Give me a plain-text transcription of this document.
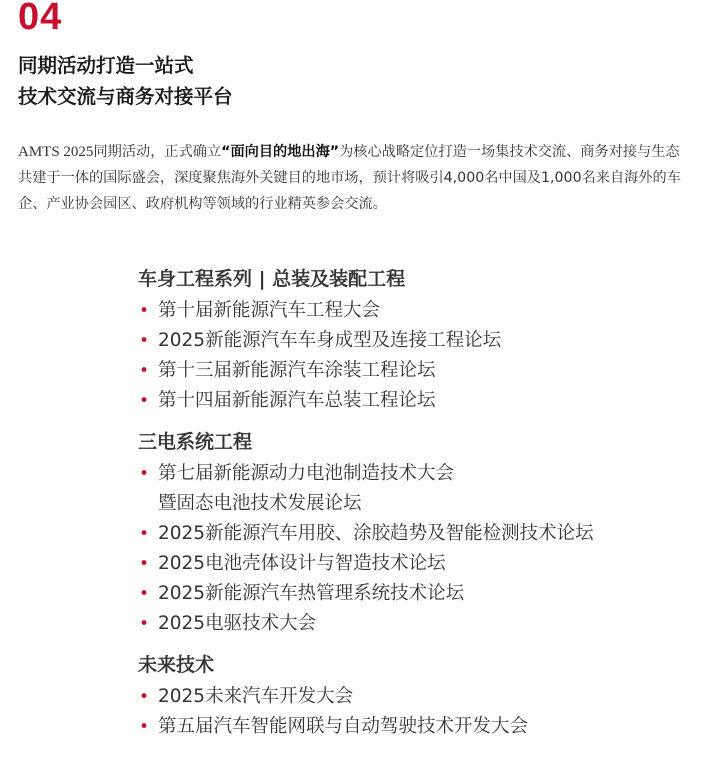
04
同期活动打造一站式
技术交流与商务对接平台
AMTS 2025同期活动，正式确立“面向目的地出海”为核心战略定位打造一场集技术交流、商务对接与生态共建于一体的国际盛会，深度聚焦海外关键目的地市场，预计将吸引4,000名中国及1,000名来自海外的车企、产业协会园区、政府机构等领域的行业精英参会交流。
车身工程系列 | 总装及装配工程
• 第十届新能源汽车工程大会
• 2025新能源汽车车身成型及连接工程论坛
• 第十三届新能源汽车涂装工程论坛
• 第十四届新能源汽车总装工程论坛
三电系统工程
• 第七届新能源动力电池制造技术大会
暨固态电池技术发展论坛
• 2025新能源汽车用胶、涂胶趋势及智能检测技术论坛
• 2025电池壳体设计与智造技术论坛
• 2025新能源汽车热管理系统技术论坛
• 2025电驱技术大会
未来技术
• 2025未来汽车开发大会
• 第五届汽车智能网联与自动驾驶技术开发大会
